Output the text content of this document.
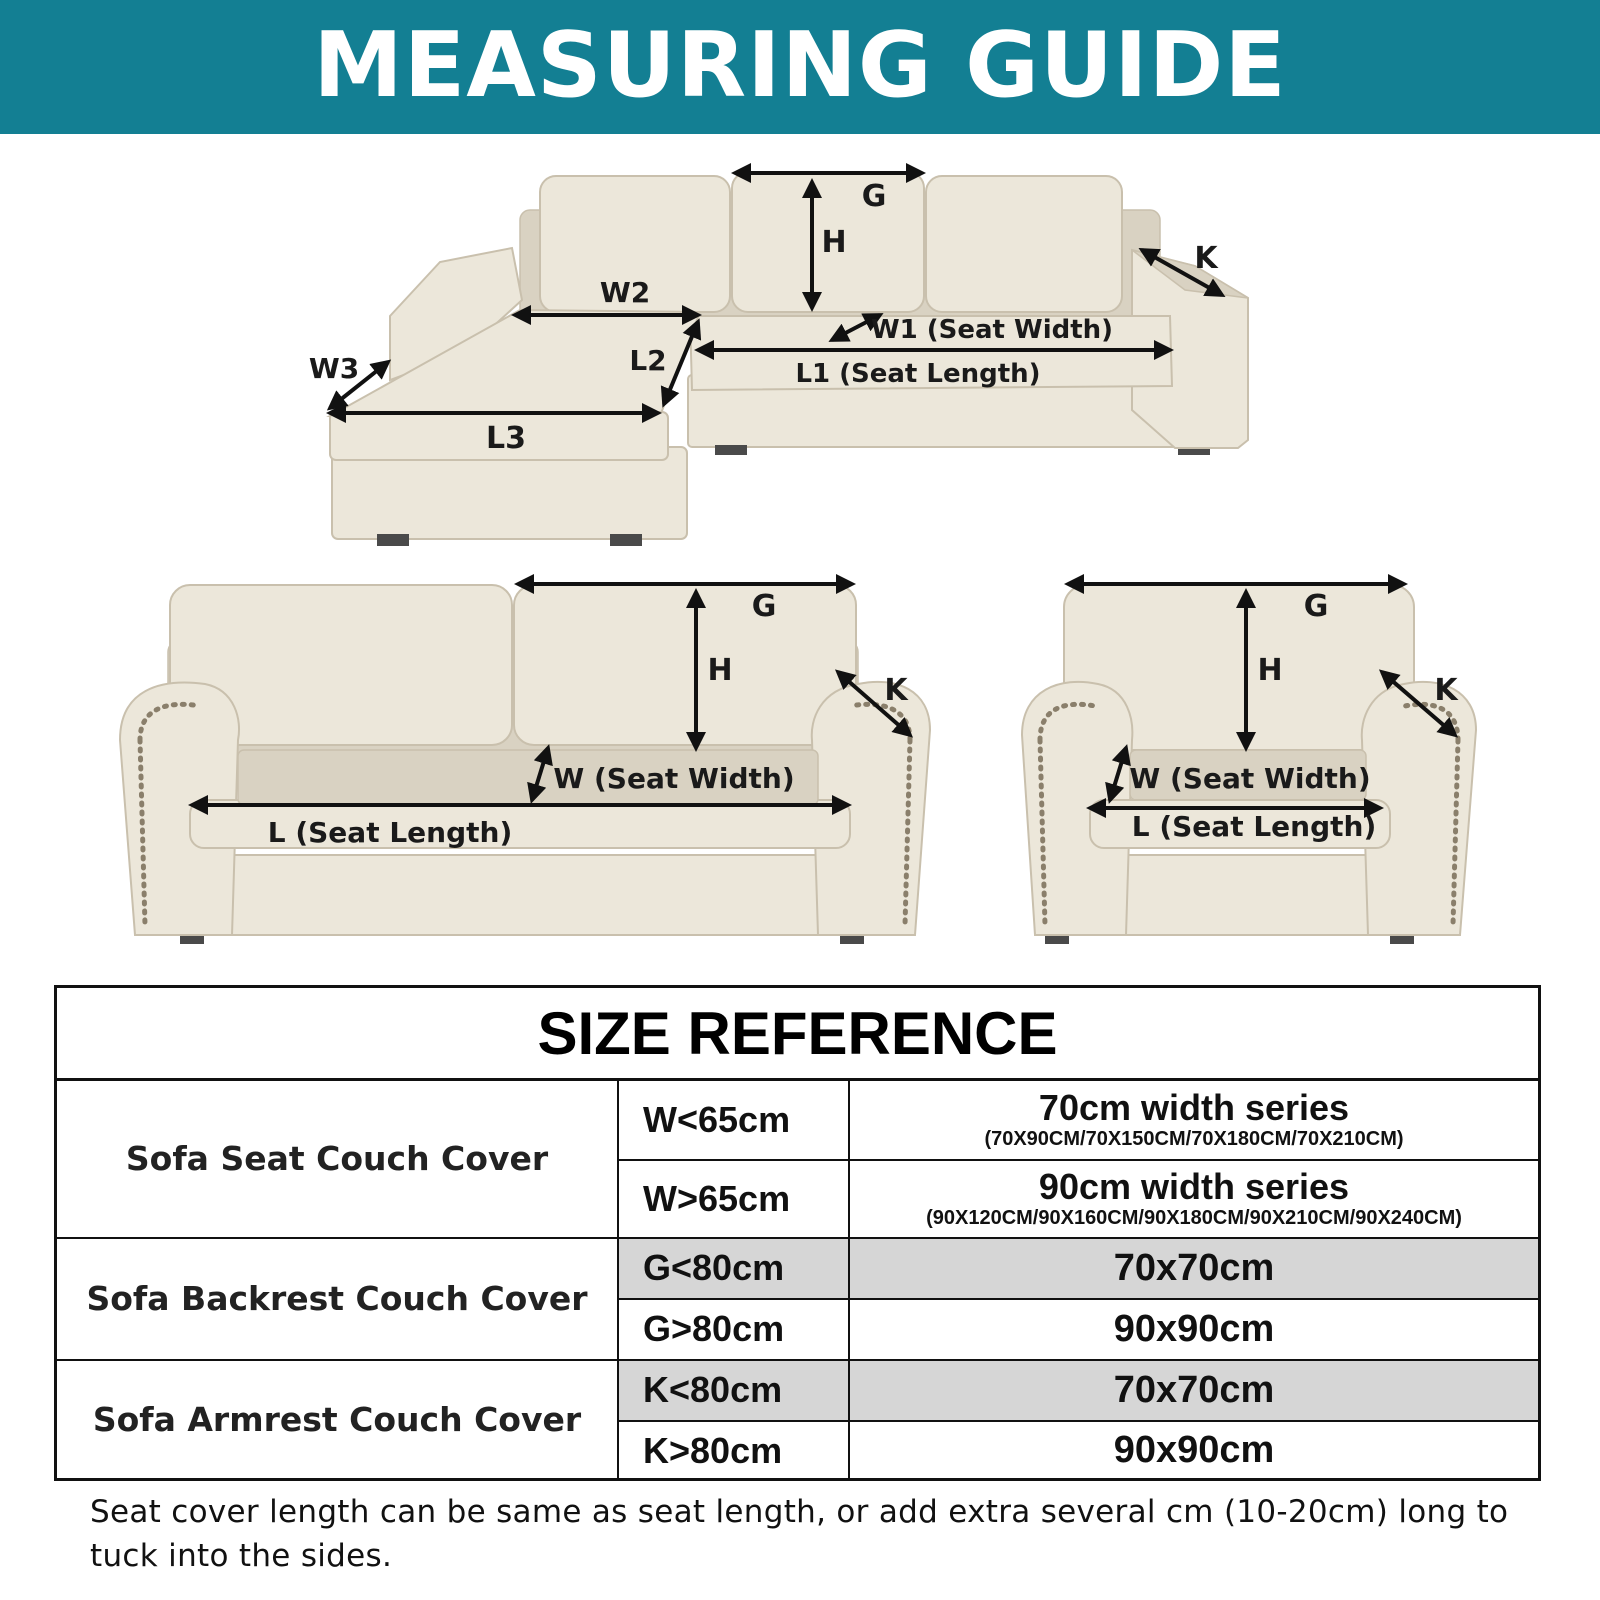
MEASURING GUIDE
G
H	K
W2
W1 (Seat Width)
L2
W3	L1 (Seat Length)
L3
G
H
K
W (Seat Width)
L (Seat Length)
G
H
K
W (Seat Width)
L (Seat Length)
SIZE REFERENCE
Sofa Seat Couch Cover	W<65cm	70cm width series
(70X90CM/70X150CM/70X180CM/70X210CM)

	W>65cm	90cm width series
(90X120CM/90X160CM/90X180CM/90X210CM/90X240CM)

Sofa Backrest Couch Cover	G<80cm	70x70cm
	G>80cm	90x90cm
Sofa Armrest Couch Cover	K<80cm	70x70cm
	K>80cm	90x90cm
Seat cover length can be same as seat length, or add extra several cm (10-20cm) long to tuck into the sides.
